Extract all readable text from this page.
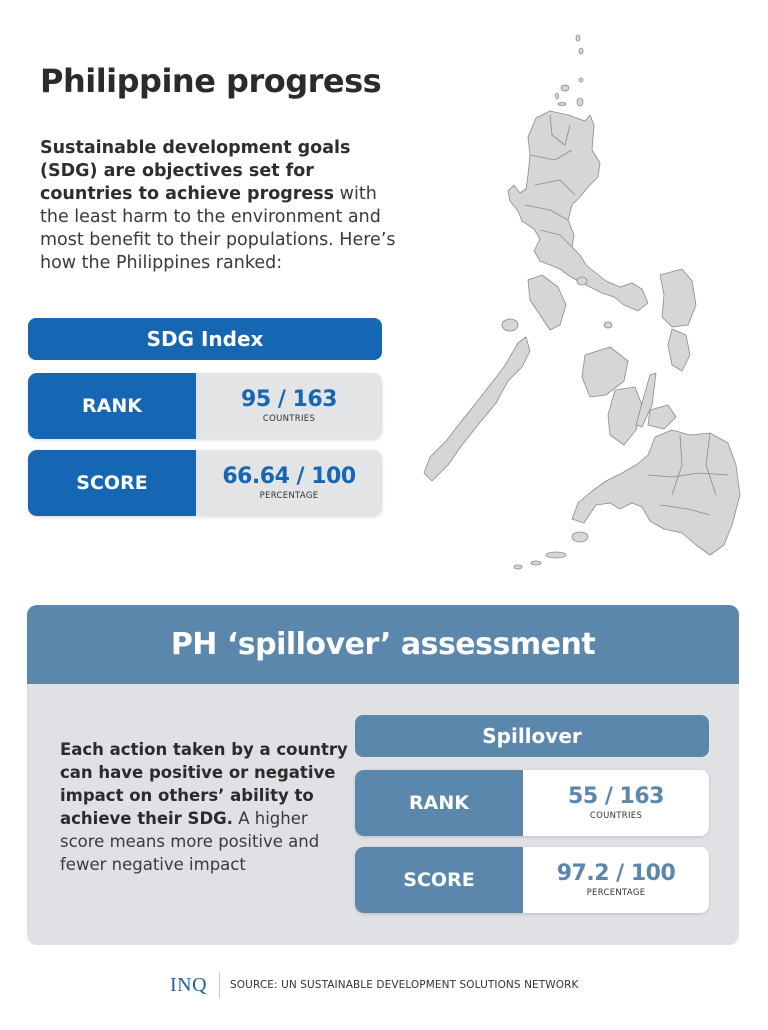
Philippine progress

Sustainable development goals (SDG) are objectives set for countries to achieve progress with the least harm to the environment and most benefit to their populations. Here’s how the Philippines ranked:

SDG Index
RANK	95 / 163
COUNTRIES
SCORE	66.64 / 100
PERCENTAGE
PH ‘spillover’ assessment

Each action taken by a country can have positive or negative impact on others’ ability to achieve their SDG. A higher score means more positive and fewer negative impact

Spillover
RANK	55 / 163
COUNTRIES
SCORE	97.2 / 100
PERCENTAGE
INQ SOURCE: UN SUSTAINABLE DEVELOPMENT SOLUTIONS NETWORK
